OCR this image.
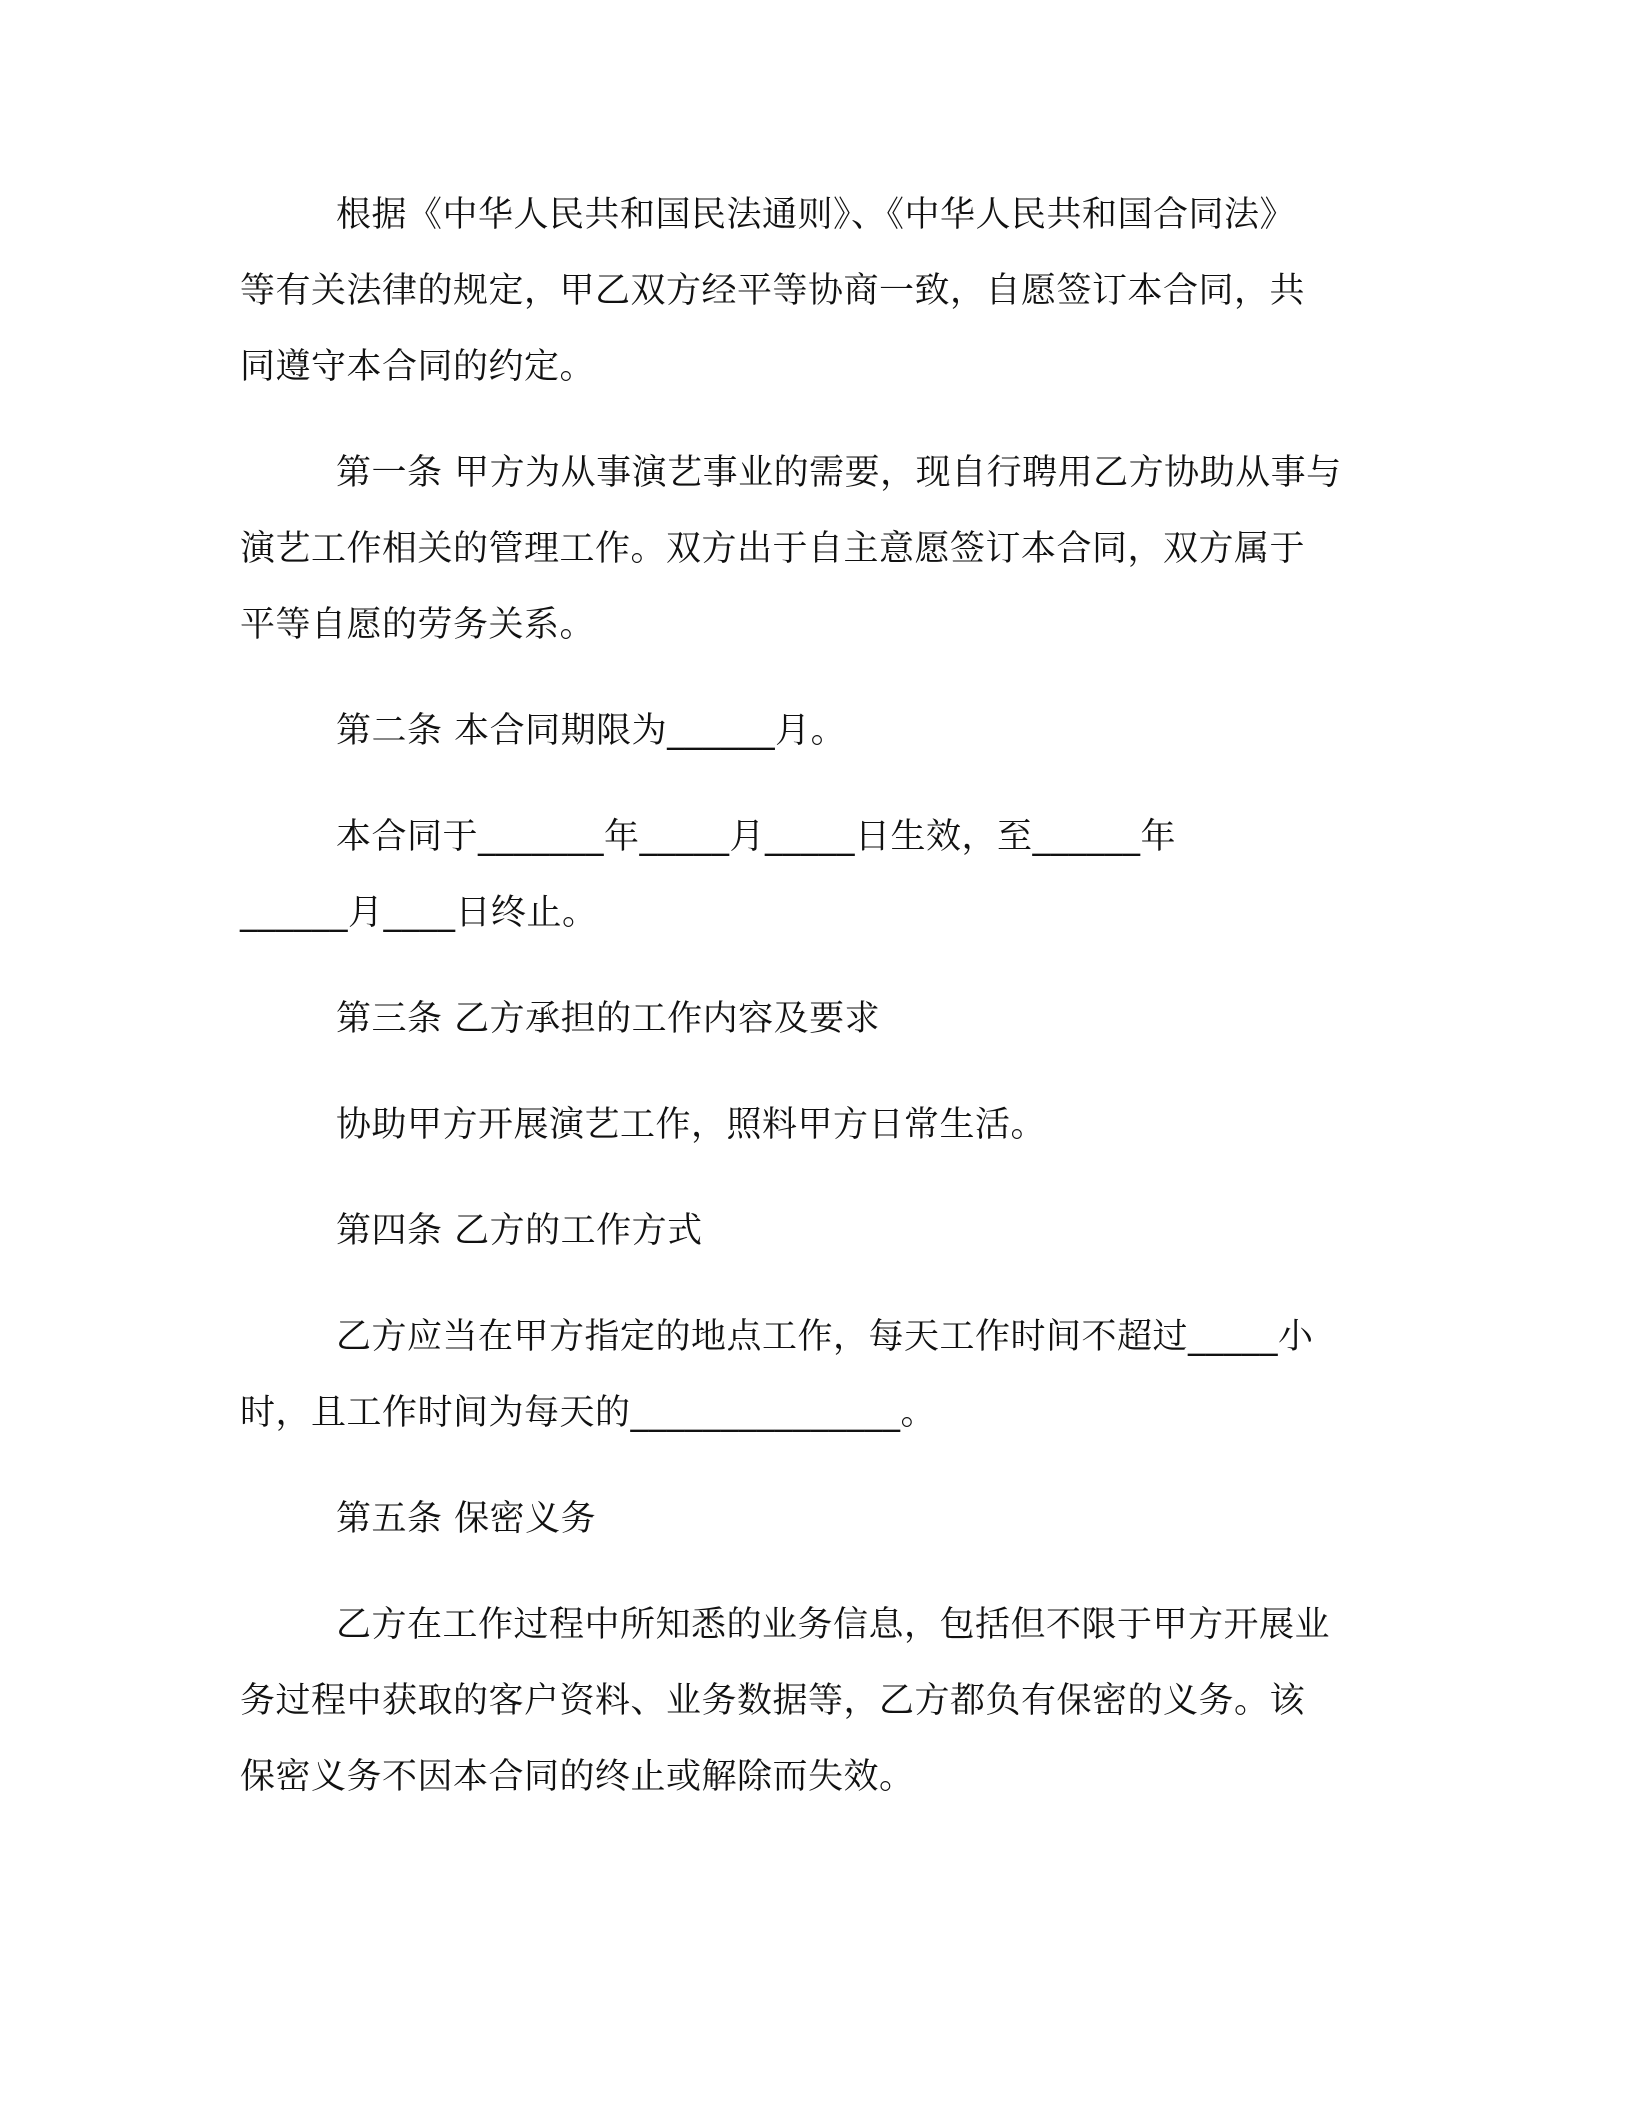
根据《中华人民共和国民法通则》、《中华人民共和国合同法》
等有关法律的规定，甲乙双方经平等协商一致，自愿签订本合同，共
同遵守本合同的约定。
第一条 甲方为从事演艺事业的需要，现自行聘用乙方协助从事与
演艺工作相关的管理工作。双方出于自主意愿签订本合同，双方属于
平等自愿的劳务关系。
第二条 本合同期限为______月。
本合同于_______年_____月_____日生效，至______年
______月____日终止。
第三条 乙方承担的工作内容及要求
协助甲方开展演艺工作，照料甲方日常生活。
第四条 乙方的工作方式
乙方应当在甲方指定的地点工作，每天工作时间不超过_____小
时，且工作时间为每天的_______________。
第五条 保密义务
乙方在工作过程中所知悉的业务信息，包括但不限于甲方开展业
务过程中获取的客户资料、业务数据等，乙方都负有保密的义务。该
保密义务不因本合同的终止或解除而失效。
